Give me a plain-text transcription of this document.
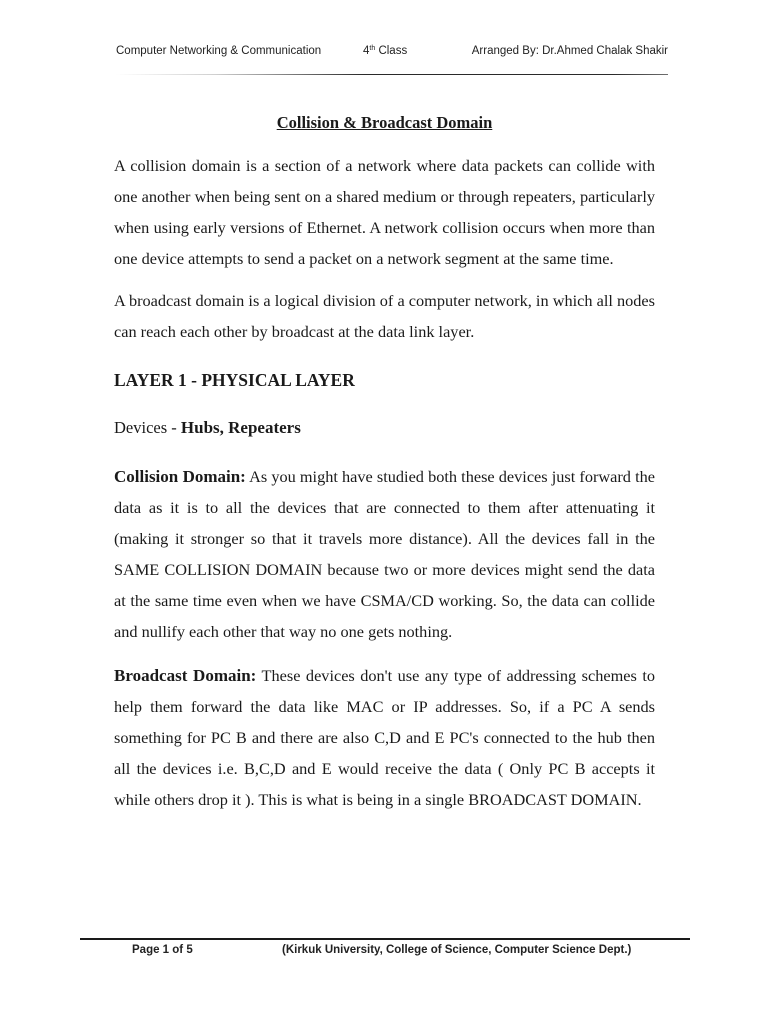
Computer Networking & Communication	4th Class	Arranged By: Dr.Ahmed Chalak Shakir
Collision & Broadcast Domain

A collision domain is a section of a network where data packets can collide with one another when being sent on a shared medium or through repeaters, particularly when using early versions of Ethernet. A network collision occurs when more than one device attempts to send a packet on a network segment at the same time.

A broadcast domain is a logical division of a computer network, in which all nodes can reach each other by broadcast at the data link layer.

LAYER 1 - PHYSICAL LAYER
Devices - Hubs, Repeaters

Collision Domain: As you might have studied both these devices just forward the data as it is to all the devices that are connected to them after attenuating it (making it stronger so that it travels more distance). All the devices fall in the SAME COLLISION DOMAIN because two or more devices might send the data at the same time even when we have CSMA/CD working. So, the data can collide and nullify each other that way no one gets nothing.

Broadcast Domain: These devices don't use any type of addressing schemes to help them forward the data like MAC or IP addresses. So, if a PC A sends something for PC B and there are also C,D and E PC's connected to the hub then all the devices i.e. B,C,D and E would receive the data ( Only PC B accepts it while others drop it ). This is what is being in a single BROADCAST DOMAIN.

Page 1 of 5	(Kirkuk University, College of Science, Computer Science Dept.)
